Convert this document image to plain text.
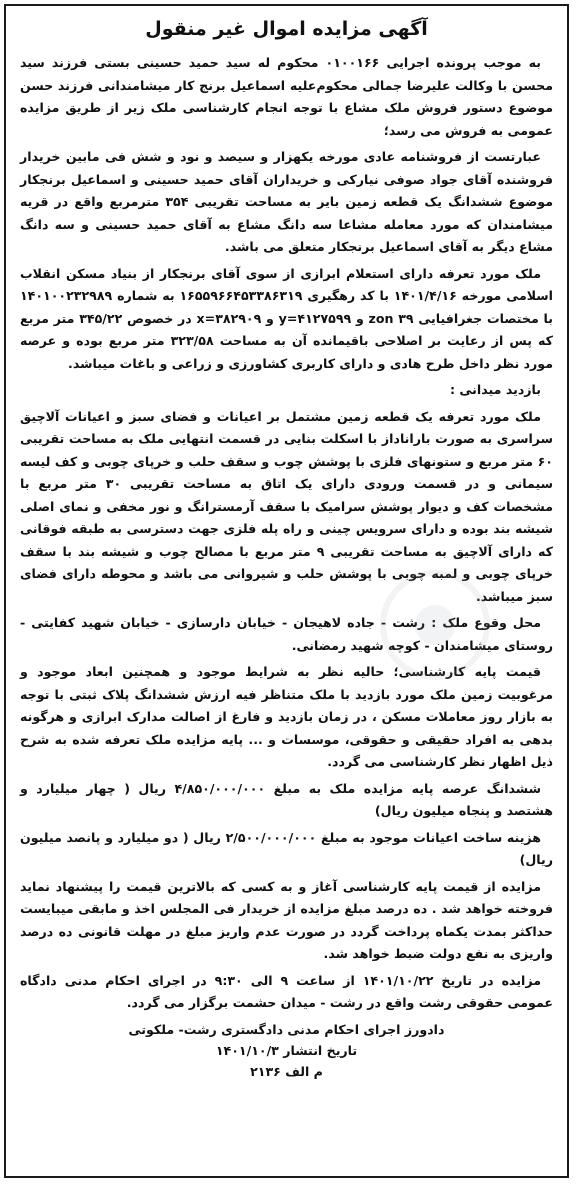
آگهی مزایده اموال غیر منقول

به موجب پرونده اجرایی ۰۱۰۰۱۶۶ محکوم له سید حمید حسینی بستی فرزند سید محسن با وکالت علیرضا جمالی محکوم‌علیه اسماعیل برنج کار میشامندانی فرزند حسن موضوع دستور فروش ملک مشاع با توجه انجام کارشناسی ملک زیر از طریق مزایده عمومی به فروش می رسد؛

عبارتست از فروشنامه عادی مورخه یکهزار و سیصد و نود و شش فی مابین خریدار فروشنده آقای جواد صوفی نیارکی و خریداران آقای حمید حسینی و اسماعیل برنجکار موضوع ششدانگ یک قطعه زمین بایر به مساحت تقریبی ۳۵۴ مترمربع واقع در قریه میشامندان که مورد معامله مشاعا سه دانگ مشاع به آقای حمید حسینی و سه دانگ مشاع دیگر به آقای اسماعیل برنجکار متعلق می باشد.

ملک مورد تعرفه دارای استعلام ابرازی از سوی آقای برنجکار از بنیاد مسکن انقلاب اسلامی مورخه ۱۴۰۱/۴/۱۶ با کد رهگیری ۱۶۵۵۹۶۶۴۵۳۳۸۶۳۱۹ به شماره ۱۴۰۱۰۰۲۳۲۹۸۹ با مختصات جغرافیایی zon ۳۹ و y=۴۱۲۷۵۹۹ و x=۳۸۲۹۰۹ در خصوص ۳۴۵/۲۲ متر مربع که پس از رعایت بر اصلاحی باقیمانده آن به مساحت ۳۲۳/۵۸ متر مربع بوده و عرصه مورد نظر داخل طرح هادی و دارای کاربری کشاورزی و زراعی و باغات میباشد.

بازدید میدانی :

ملک مورد تعرفه یک قطعه زمین مشتمل بر اعیانات و فضای سبز و اعیانات آلاچیق سراسری به صورت باراناداز با اسکلت بنایی در قسمت انتهایی ملک به مساحت تقریبی ۶۰ متر مربع و ستونهای فلزی با پوشش چوب و سقف حلب و خرپای چوبی و کف لیسه سیمانی و در قسمت ورودی دارای یک اتاق به مساحت تقریبی ۳۰ متر مربع با مشخصات کف و دیوار پوشش سرامیک با سقف آرمسترانگ و نور مخفی و نمای اصلی شیشه بند بوده و دارای سرویس چینی و راه پله فلزی جهت دسترسی به طبقه فوقانی که دارای آلاچیق به مساحت تقریبی ۹ متر مربع با مصالح چوب و شیشه بند با سقف خرپای چوبی و لمبه چوبی با پوشش حلب و شیروانی می باشد و محوطه دارای فضای سبز میباشد.

محل وقوع ملک : رشت - جاده لاهیجان - خیابان دارسازی - خیابان شهید کفایتی - روستای میشامندان - کوچه شهید رمضانی.

قیمت پایه کارشناسی؛ حالیه نظر به شرایط موجود و همچنین ابعاد موجود و مرغوبیت زمین ملک مورد بازدید با ملک متناظر فیه ارزش ششدانگ پلاک ثبتی با توجه به بازار روز معاملات مسکن ، در زمان بازدید و فارغ از اصالت مدارک ابرازی و هرگونه بدهی به افراد حقیقی و حقوقی، موسسات و ... پایه مزایده ملک تعرفه شده به شرح ذیل اظهار نظر کارشناسی می گردد.

ششدانگ عرصه پایه مزایده ملک به مبلغ ۴/۸۵۰/۰۰۰/۰۰۰ ریال ( چهار میلیارد و هشتصد و پنجاه میلیون ریال)

هزینه ساخت اعیانات موجود به مبلغ ۲/۵۰۰/۰۰۰/۰۰۰ ریال ( دو میلیارد و پانصد میلیون ریال)

مزایده از قیمت پایه کارشناسی آغاز و به کسی که بالاترین قیمت را پیشنهاد نماید فروخته خواهد شد . ده درصد مبلغ مزایده از خریدار فی المجلس اخذ و مابقی میبایست حداکثر بمدت یکماه پرداخت گردد در صورت عدم واریز مبلغ در مهلت قانونی ده درصد واریزی به نفع دولت ضبط خواهد شد.

مزایده در تاریخ ۱۴۰۱/۱۰/۲۲ از ساعت ۹ الی ۹:۳۰ در اجرای احکام مدنی دادگاه عمومی حقوقی رشت واقع در رشت - میدان حشمت برگزار می گردد.

دادورز اجرای احکام مدنی دادگستری رشت- ملکوتی

تاریخ انتشار ۱۴۰۱/۱۰/۳

م الف ۲۱۳۶
